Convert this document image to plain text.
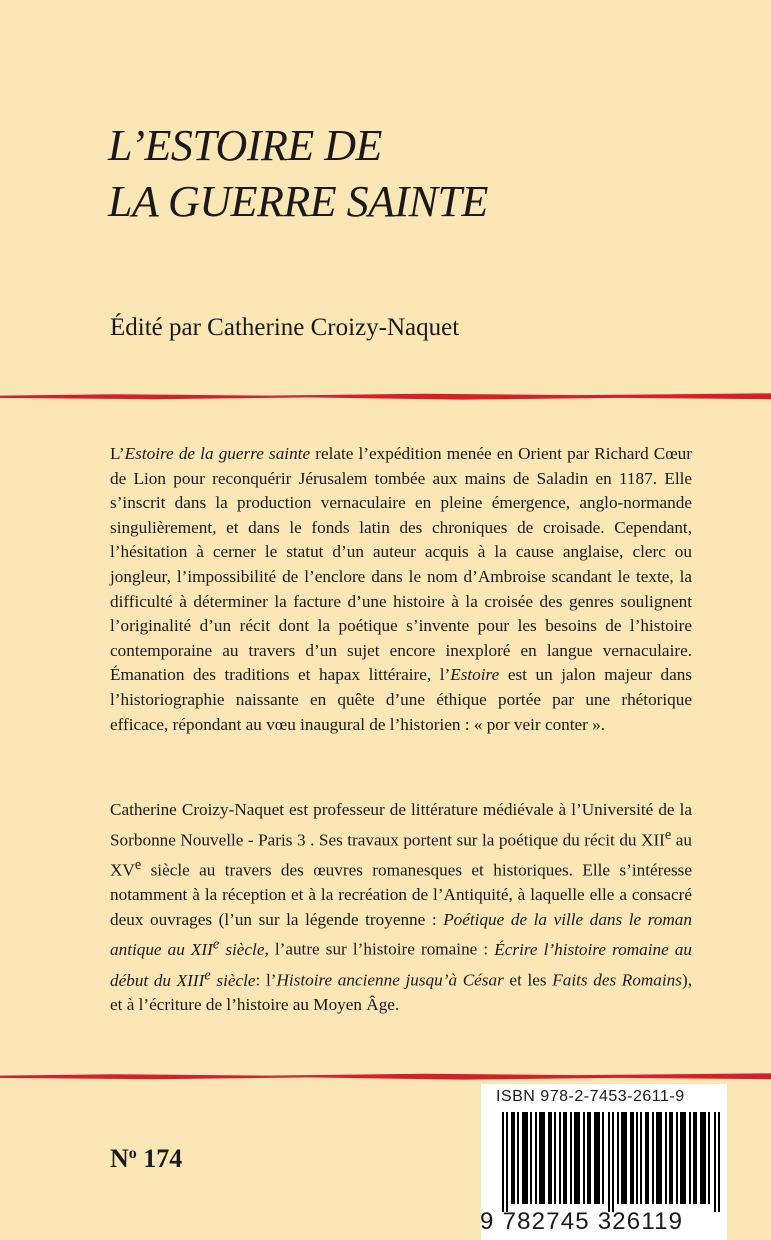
L’ESTOIRE DE
LA GUERRE SAINTE

Édité par Catherine Croizy-Naquet

L’Estoire de la guerre sainte relate l’expédition menée en Orient par Richard Cœur de Lion pour reconquérir Jérusalem tombée aux mains de Saladin en 1187. Elle s’inscrit dans la production vernaculaire en pleine émergence, anglo-normande singulièrement, et dans le fonds latin des chroniques de croisade. Cependant, l’hésitation à cerner le statut d’un auteur acquis à la cause anglaise, clerc ou jongleur, l’impossibilité de l’enclore dans le nom d’Ambroise scandant le texte, la difficulté à déterminer la facture d’une histoire à la croisée des genres soulignent l’originalité d’un récit dont la poétique s’invente pour les besoins de l’histoire contemporaine au travers d’un sujet encore inexploré en langue vernaculaire. Émanation des traditions et hapax littéraire, l’Estoire est un jalon majeur dans l’historiographie naissante en quête d’une éthique portée par une rhétorique efficace, répondant au vœu inaugural de l’historien : « por veir conter ».

Catherine Croizy-Naquet est professeur de littérature médiévale à l’Université de la Sorbonne Nouvelle - Paris 3 . Ses travaux portent sur la poétique du récit du XIIe au XVe siècle au travers des œuvres romanesques et historiques. Elle s’intéresse notamment à la réception et à la recréation de l’Antiquité, à laquelle elle a consacré deux ouvrages (l’un sur la légende troyenne : Poétique de la ville dans le roman antique au XIIe siècle, l’autre sur l’histoire romaine : Écrire l’histoire romaine au début du XIIIe siècle: l’Histoire ancienne jusqu’à César et les Faits des Romains), et à l’écriture de l’histoire au Moyen Âge.

$N^o$ 174
ISBN 978-2-7453-2611-9
9 782745 326119
